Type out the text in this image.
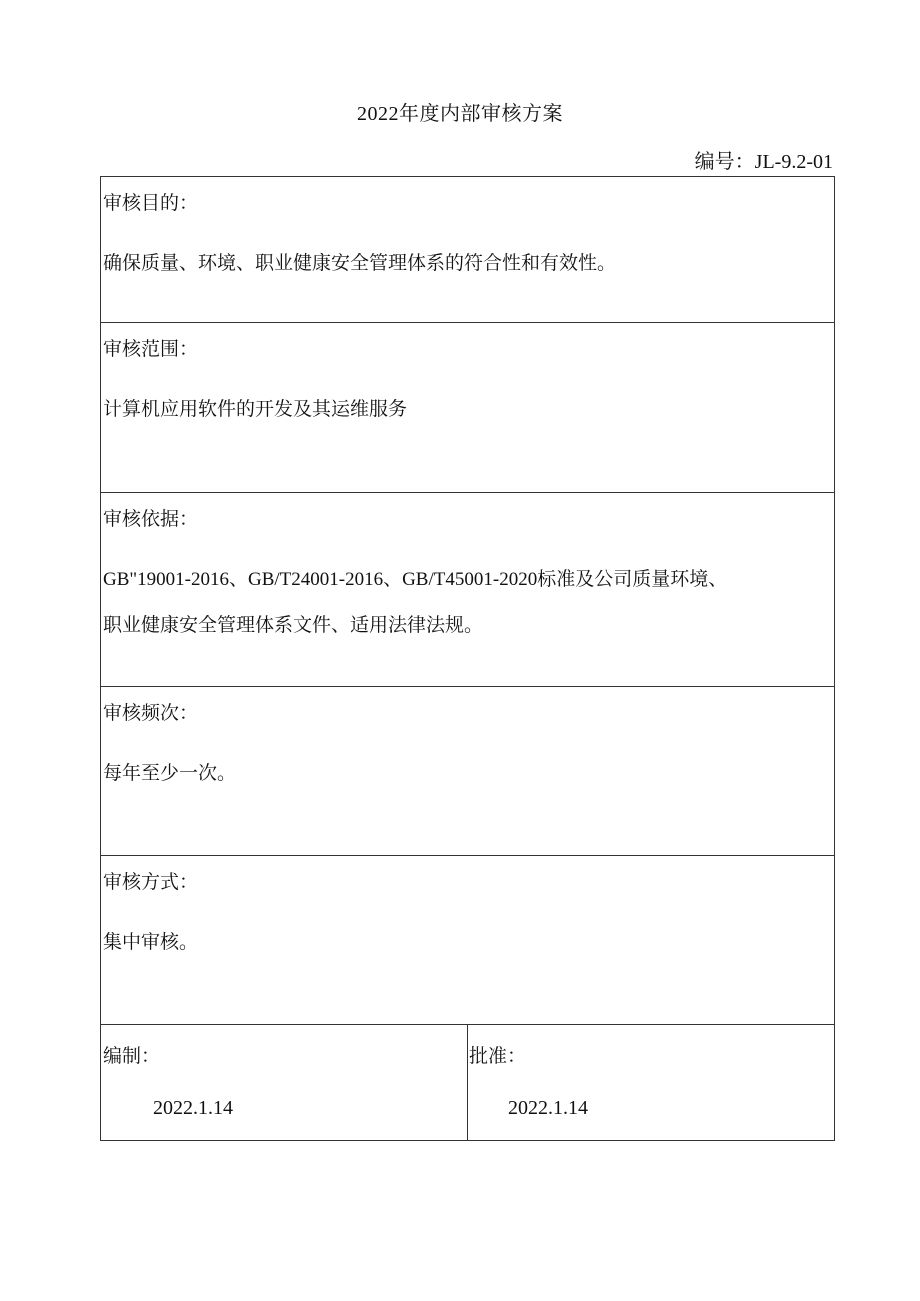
2022年度内部审核方案
编号：JL-9.2-01
审核目的：
确保质量、环境、职业健康安全管理体系的符合性和有效性。
审核范围：
计算机应用软件的开发及其运维服务
审核依据：
GB"19001-2016、GB/T24001-2016、GB/T45001-2020标准及公司质量环境、
职业健康安全管理体系文件、适用法律法规。
审核频次：
每年至少一次。
审核方式：
集中审核。
编制：
2022.1.14
批准：
2022.1.14
